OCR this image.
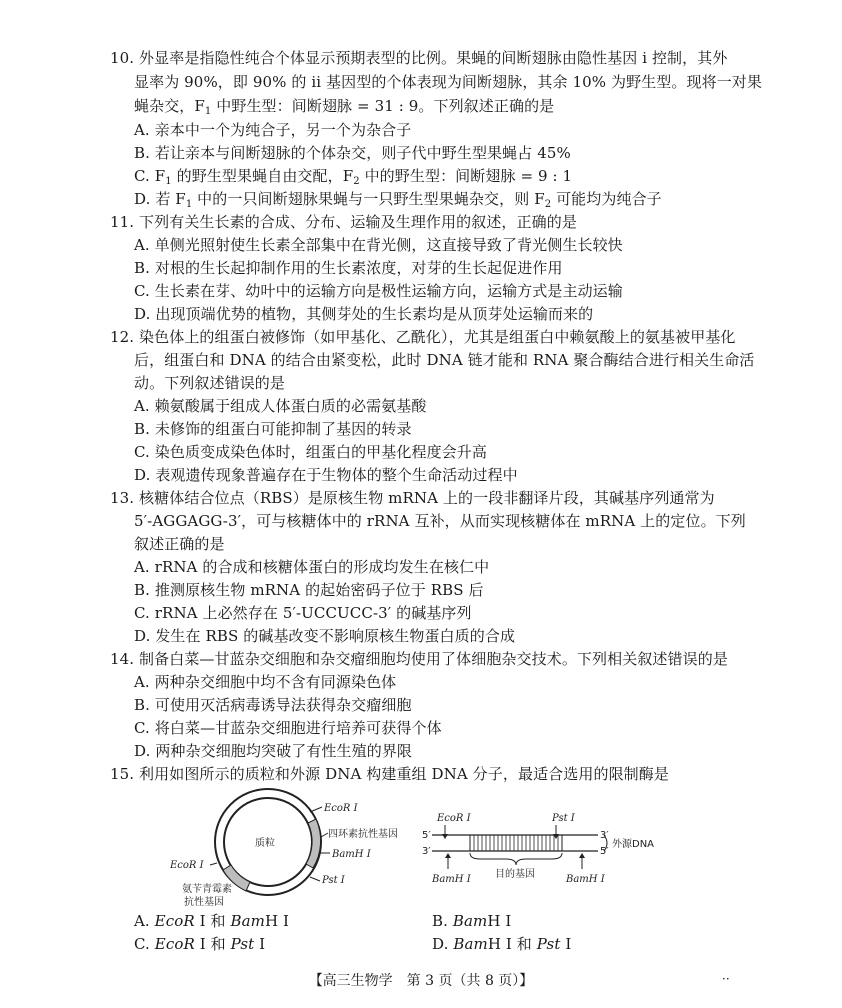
10. 外显率是指隐性纯合个体显示预期表型的比例。果蝇的间断翅脉由隐性基因 i 控制，其外
显率为 90%，即 90% 的 ii 基因型的个体表现为间断翅脉，其余 10% 为野生型。现将一对果
蝇杂交，$F_1$ 中野生型：间断翅脉 = 31 : 9。下列叙述正确的是
A. 亲本中一个为纯合子，另一个为杂合子
B. 若让亲本与间断翅脉的个体杂交，则子代中野生型果蝇占 45%
C. $F_1$ 的野生型果蝇自由交配，$F_2$ 中的野生型：间断翅脉 = 9 : 1
D. 若 $F_1$ 中的一只间断翅脉果蝇与一只野生型果蝇杂交，则 $F_2$ 可能均为纯合子
11. 下列有关生长素的合成、分布、运输及生理作用的叙述，正确的是
A. 单侧光照射使生长素全部集中在背光侧，这直接导致了背光侧生长较快
B. 对根的生长起抑制作用的生长素浓度，对芽的生长起促进作用
C. 生长素在芽、幼叶中的运输方向是极性运输方向，运输方式是主动运输
D. 出现顶端优势的植物，其侧芽处的生长素均是从顶芽处运输而来的
12. 染色体上的组蛋白被修饰（如甲基化、乙酰化），尤其是组蛋白中赖氨酸上的氨基被甲基化
后，组蛋白和 DNA 的结合由紧变松，此时 DNA 链才能和 RNA 聚合酶结合进行相关生命活
动。下列叙述错误的是
A. 赖氨酸属于组成人体蛋白质的必需氨基酸
B. 未修饰的组蛋白可能抑制了基因的转录
C. 染色质变成染色体时，组蛋白的甲基化程度会升高
D. 表观遗传现象普遍存在于生物体的整个生命活动过程中
13. 核糖体结合位点（RBS）是原核生物 mRNA 上的一段非翻译片段，其碱基序列通常为
5′-AGGAGG-3′，可与核糖体中的 rRNA 互补，从而实现核糖体在 mRNA 上的定位。下列
叙述正确的是
A. rRNA 的合成和核糖体蛋白的形成均发生在核仁中
B. 推测原核生物 mRNA 的起始密码子位于 RBS 后
C. rRNA 上必然存在 5′-UCCUCC-3′ 的碱基序列
D. 发生在 RBS 的碱基改变不影响原核生物蛋白质的合成
14. 制备白菜—甘蓝杂交细胞和杂交瘤细胞均使用了体细胞杂交技术。下列相关叙述错误的是
A. 两种杂交细胞中均不含有同源染色体
B. 可使用灭活病毒诱导法获得杂交瘤细胞
C. 将白菜—甘蓝杂交细胞进行培养可获得个体
D. 两种杂交细胞均突破了有性生殖的界限
15. 利用如图所示的质粒和外源 DNA 构建重组 DNA 分子，最适合选用的限制酶是
质粒
EcoR Ⅰ
四环素抗性基因
BamH Ⅰ
Pst Ⅰ
EcoR Ⅰ
氨苄青霉素
抗性基因
EcoR Ⅰ	Pst Ⅰ
5′
3′
3′
5′
目的基因
外源DNA
BamH Ⅰ	BamH Ⅰ
A. EcoR Ⅰ 和 BamH Ⅰ	B. BamH Ⅰ
C. EcoR Ⅰ 和 Pst Ⅰ	D. BamH Ⅰ 和 Pst Ⅰ
【高三生物学　第 3 页（共 8 页）】	··
